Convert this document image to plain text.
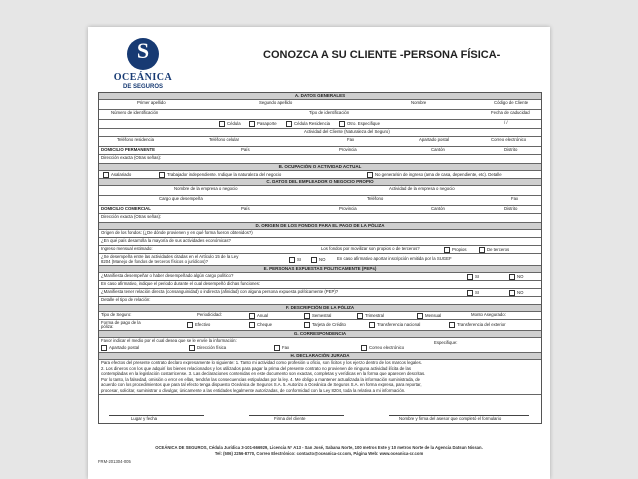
S
OCEÁNICA
DE SEGUROS
CONOZCA A SU CLIENTE -PERSONA FÍSICA-
A. DATOS GENERALES
Primer apellido	Segundo apellido	Nombre	Código de Cliente
Número de identificación	Tipo de identificación	Fecha de caducidad
Cédula	Pasaporte	Cédula Residencia	Otro. Especifique	/ /
Actividad del Cliente (Naturaleza del Seguro)
Teléfono residencia	Teléfono celular	Fax	Apartado postal	Correo electrónico
DOMICILIO PERMANENTE	País	Provincia	Cantón	Distrito
Dirección exacta (Otras señas):
B. OCUPACIÓN O ACTIVIDAD ACTUAL
Asalariado	Trabajador independiente. Indique la naturaleza del negocio	No genera/sin de ingreso (ama de casa, dependiente, etc). Detalle
C. DATOS DEL EMPLEADOR O NEGOCIO PROPIO
Nombre de la empresa o negocio	Actividad de la empresa o negocio
Cargo que desempeña	Teléfono	Fax
DOMICILIO COMERCIAL	País	Provincia	Cantón	Distrito
Dirección exacta (Otras señas):
D. ORIGEN DE LOS FONDOS PARA EL PAGO DE LA PÓLIZA
Origen de los fondos: (¿De dónde provienen y en qué forma fueron obtenidos?)
¿En qué país desarrolla la mayoría de sus actividades económicas?
Ingreso mensual estimado:	Los fondos por movilizar son propios o de terceros?	Propios	De terceros
¿Se desempeña entre las actividades citadas en el Artículo 15 de la Ley
8204 (Manejo de fondos de terceros físicos o jurídicos)?	SI	NO	En caso afirmativo aportar inscripción emitida por la SUGEF
E. PERSONAS EXPUESTAS POLITICAMENTE (PEPs)
¿Manifiesta desempeñar o haber desempeñado algún cargo político?	SI	NO
En caso afirmativo, indique el periodo durante el cual desempeñó dichas funciones:
¿Manifiesta tener relación directa (consanguinidad) o indirecta (afinidad) con alguna persona expuesta políticamente (PEP)?	SI	NO
Detalle el tipo de relación:
F. DESCRIPCIÓN DE LA PÓLIZA
Tipo de Seguro:	Periodicidad:	Anual	Semestral	Trimestral	Mensual	Monto Asegurado:
Forma de pago de la
póliza:	Efectivo	Cheque	Tarjeta de Crédito	Transferencia nacional	Transferencia del exterior
G. CORRESPONDENCIA
Favor indicar el medio por el cual desea que se le envíe la información:	Especifique:
Apartado postal	Dirección física	Fax	Correo electrónico
H. DECLARACIÓN JURADA
Para efectos del presente contrato declaro expresamente lo siguiente: 1. Tanto mi actividad como profesión u oficio, son lícitos y los ejerzo dentro de los marcos legales.
2. Los dineros con los que adquirí los bienes relacionados y los utilizados para pagar la prima del presente contrato no provienen de ninguna actividad ilícita de las
contempladas en la legislación costarricense. 3. Las declaraciones contenidas en este documento son exactas, completas y verídicas en la forma que aparecen descritas.
Por lo tanto, la falsedad, omisión o error en ellas, tendrán las consecuencias estipuladas por la ley. 4. Me obligo a mantener actualizada la información suministrada, de
acuerdo con los procedimientos que para tal efecto tenga dispuesto Oceánica de Seguros S.A. 5. Autorizo a Oceánica de Seguros S.A. en forma expresa, para reportar,
procesar, solicitar, suministrar o divulgar, únicamente a las entidades legalmente autorizadas, de conformidad con la Ley 8204, toda la relativa a mi información.
Lugar y fecha	Firma del cliente	Nombre y firma del asesor que completó el formulario
OCEÁNICA DE SEGUROS, Cédula Jurídica 3-101-666929, Licencia N° A13 - San José, Sabana Norte, 100 metros Este y 10 metros Norte de la Agencia Datsun Nissan.
Tel: (506) 2256-8770, Correo Electrónico: contacto@oceanica-cr.com, Página Web: www.oceanica-cr.com
FRM-201304-005
